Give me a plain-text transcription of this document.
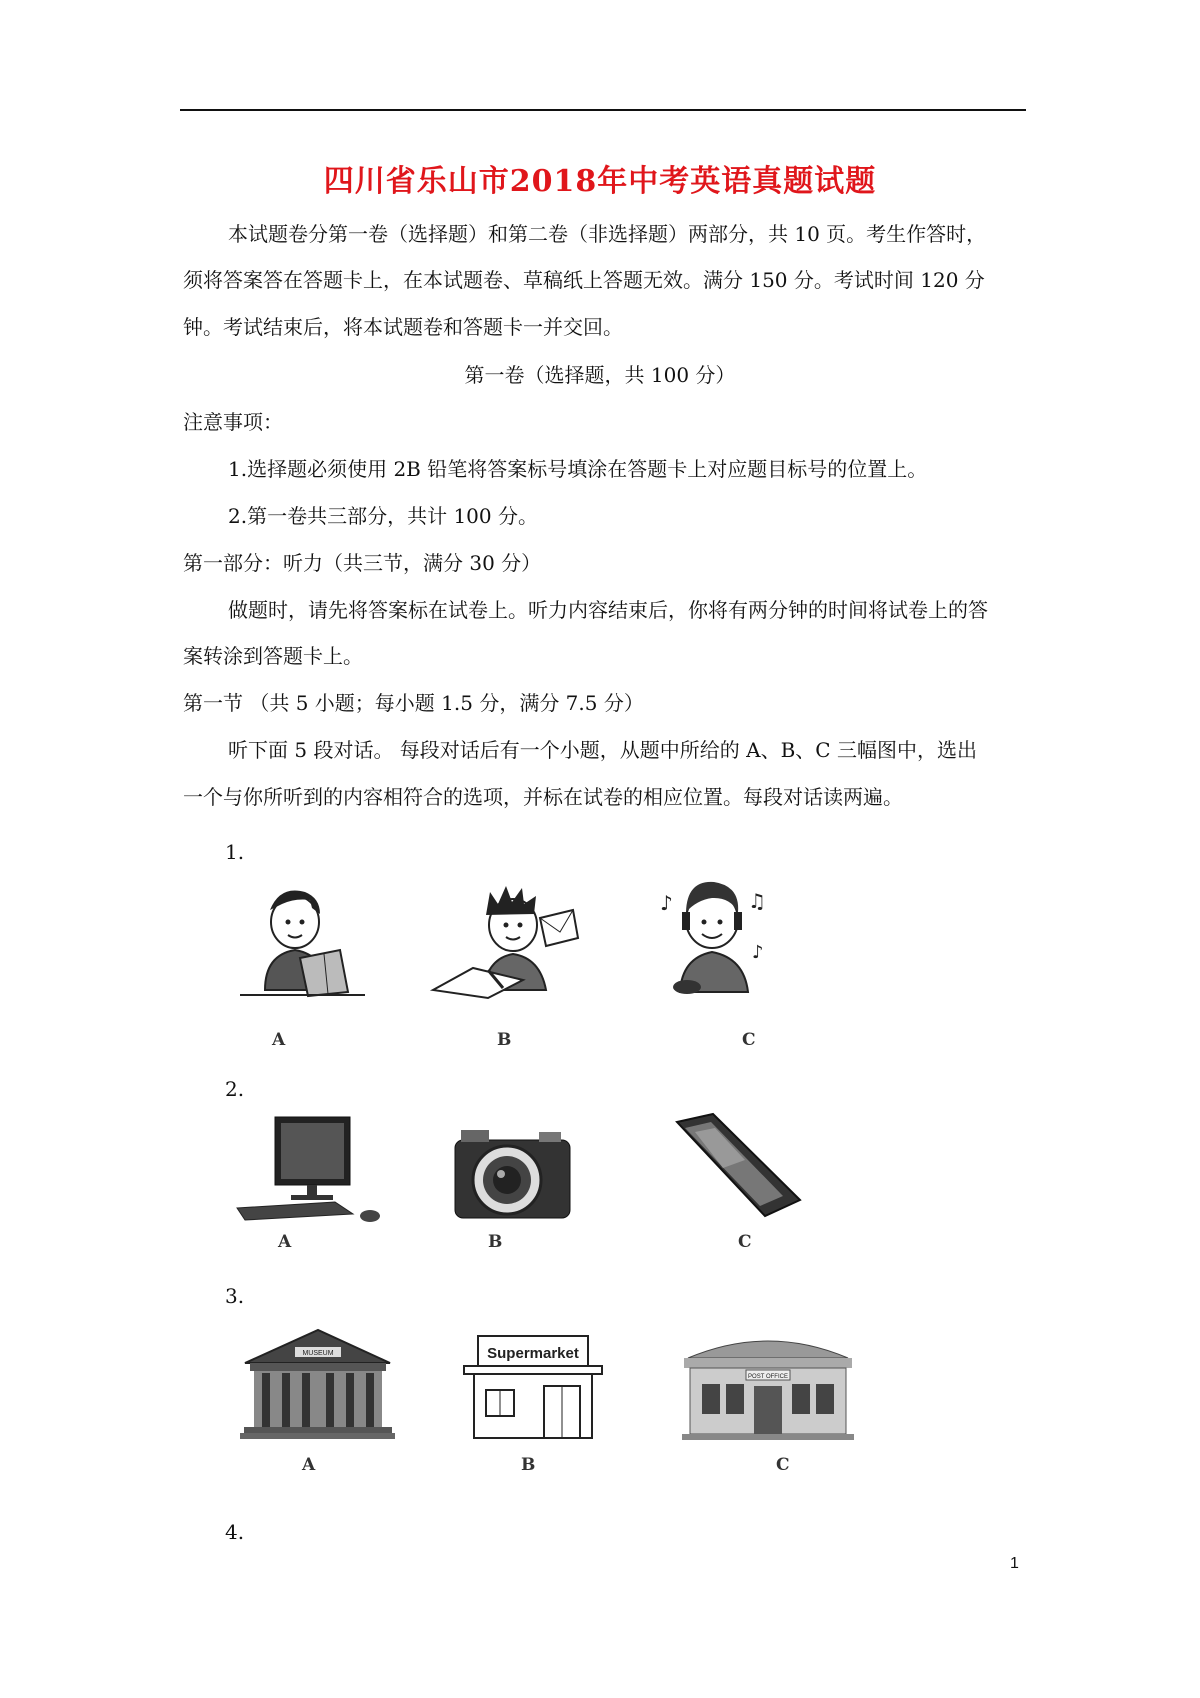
四川省乐山市2018年中考英语真题试题
本试题卷分第一卷（选择题）和第二卷（非选择题）两部分，共 10 页。考生作答时，
须将答案答在答题卡上，在本试题卷、草稿纸上答题无效。满分 150 分。考试时间 120 分
钟。考试结束后，将本试题卷和答题卡一并交回。
第一卷（选择题，共 100 分）
注意事项：
1.选择题必须使用 2B 铅笔将答案标号填涂在答题卡上对应题目标号的位置上。
2.第一卷共三部分，共计 100 分。
第一部分：听力（共三节，满分 30 分）
做题时，请先将答案标在试卷上。听力内容结束后，你将有两分钟的时间将试卷上的答
案转涂到答题卡上。
第一节 （共 5 小题；每小题 1.5 分，满分 7.5 分）
听下面 5 段对话。 每段对话后有一个小题，从题中所给的 A、B、C 三幅图中，选出
一个与你所听到的内容相符合的选项，并标在试卷的相应位置。每段对话读两遍。
1.
♪	♫
♪
A	B	C
2.
A	B	C
3.
MUSEUM	Supermarket
POST OFFICE
A	B	C
4.
1
